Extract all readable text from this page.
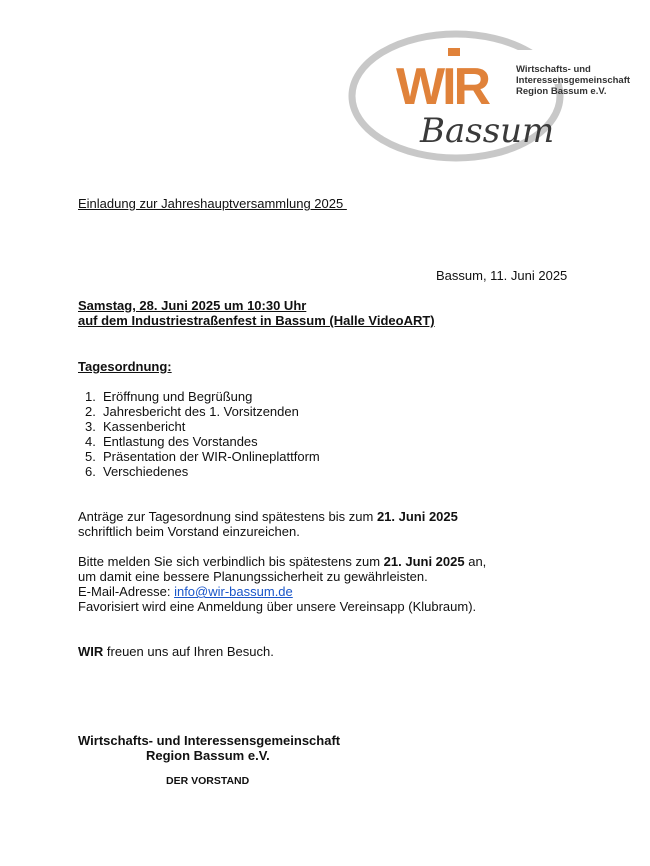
WIR
Bassum
Wirtschafts- und
Interessensgemeinschaft
Region Bassum e.V.
Einladung zur Jahreshauptversammlung 2025
Bassum, 11. Juni 2025
Samstag, 28. Juni 2025 um 10:30 Uhr
auf dem Industriestraßenfest in Bassum (Halle VideoART)
Tagesordnung:
1. Eröffnung und Begrüßung
2. Jahresbericht des 1. Vorsitzenden
3. Kassenbericht
4. Entlastung des Vorstandes
5. Präsentation der WIR-Onlineplattform
6. Verschiedenes
Anträge zur Tagesordnung sind spätestens bis zum 21. Juni 2025
schriftlich beim Vorstand einzureichen.
Bitte melden Sie sich verbindlich bis spätestens zum 21. Juni 2025 an,
um damit eine bessere Planungssicherheit zu gewährleisten.
E-Mail-Adresse: info@wir-bassum.de
Favorisiert wird eine Anmeldung über unsere Vereinsapp (Klubraum).
WIR freuen uns auf Ihren Besuch.
Wirtschafts- und Interessensgemeinschaft
Region Bassum e.V.
DER VORSTAND
